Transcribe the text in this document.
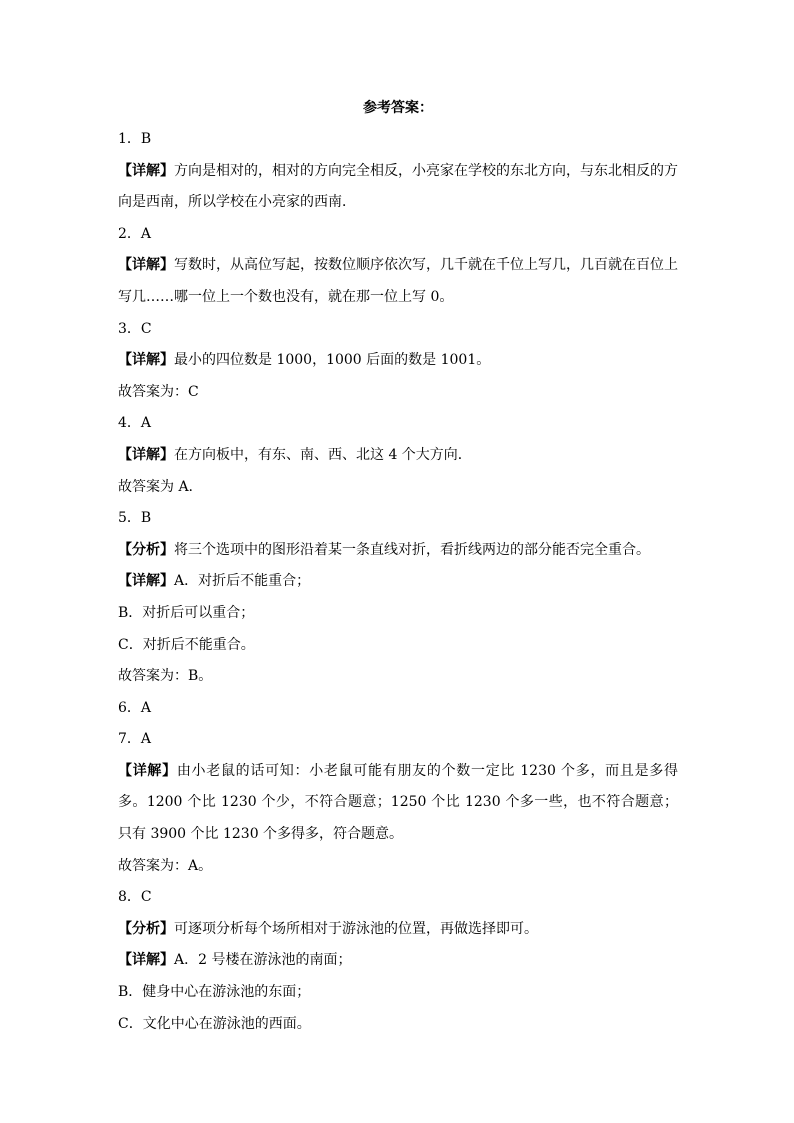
参考答案：
1．B
【详解】方向是相对的，相对的方向完全相反，小亮家在学校的东北方向，与东北相反的方向是西南，所以学校在小亮家的西南．
2．A
【详解】写数时，从高位写起，按数位顺序依次写，几千就在千位上写几，几百就在百位上写几……哪一位上一个数也没有，就在那一位上写 0。
3．C
【详解】最小的四位数是 1000，1000 后面的数是 1001。
故答案为：C
4．A
【详解】在方向板中，有东、南、西、北这 4 个大方向．
故答案为 A.
5．B
【分析】将三个选项中的图形沿着某一条直线对折，看折线两边的部分能否完全重合。
【详解】A．对折后不能重合；
B．对折后可以重合；
C．对折后不能重合。
故答案为：B。
6．A
7．A
【详解】由小老鼠的话可知：小老鼠可能有朋友的个数一定比 1230 个多，而且是多得多。1200 个比 1230 个少，不符合题意；1250 个比 1230 个多一些，也不符合题意；只有 3900 个比 1230 个多得多，符合题意。
故答案为：A。
8．C
【分析】可逐项分析每个场所相对于游泳池的位置，再做选择即可。
【详解】A．2 号楼在游泳池的南面；
B．健身中心在游泳池的东面；
C．文化中心在游泳池的西面。
